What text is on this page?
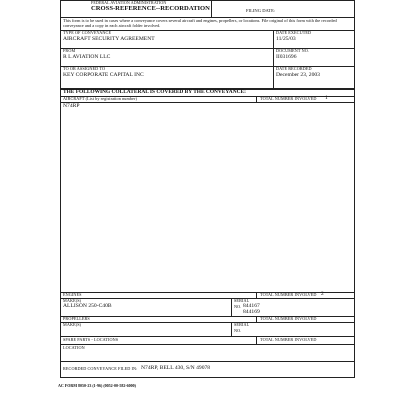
FEDERAL AVIATION ADMINISTRATION
CROSS-REFERENCE--RECORDATION	FILING DATE:
This form is to be used in cases where a conveyance covers several aircraft and engines, propellers, or locations. File original of this form with the recorded conveyance and a copy in each aircraft folder involved.
TYPE OF CONVEYANCE
AIRCRAFT SECURITY AGREEMENT
DATE EXECUTED
11/25/03
FROM
R L AVIATION LLC
DOCUMENT NO.
II031696
TO OR ASSIGNED TO
KEY CORPORATE CAPITAL INC
DATE RECORDED
December 23, 2003
THE FOLLOWING COLLATERAL IS COVERED BY THE CONVEYANCE:
AIRCRAFT (List by registration number)	TOTAL NUMBER INVOLVED 1
N74RP
ENGINES	TOTAL NUMBER INVOLVED 2
MAKE(S)
ALLISON 250-C40B
SERIAL
NO. 844167
844169
PROPELLERS	TOTAL NUMBER INVOLVED
MAKE(S)	SERIAL
NO.
SPARE PARTS - LOCATIONS	TOTAL NUMBER INVOLVED
LOCATION
RECORDED CONVEYANCE FILED IN: N74RP, BELL 430, S/N 49078
AC FORM 8050-23 (1-96) (0052-00-582-6000)
